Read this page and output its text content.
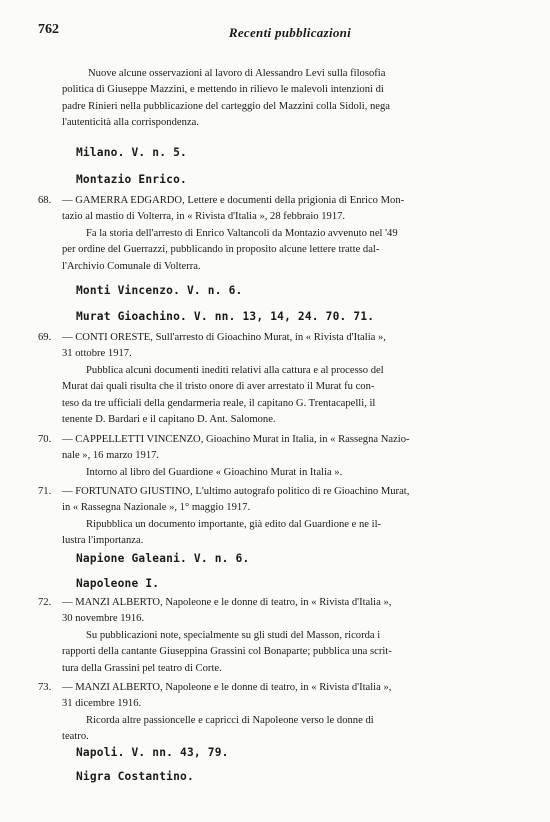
762	Recenti pubblicazioni
Nuove alcune osservazioni al lavoro di Alessandro Levi sulla filosofia
politica di Giuseppe Mazzini, e mettendo in rilievo le malevoli intenzioni di
padre Rinieri nella pubblicazione del carteggio del Mazzini colla Sidoli, nega
l'autenticità alla corrispondenza.
Milano. V. n. 5.
Montazio Enrico.
68.	— GAMERRA EDGARDO, Lettere e documenti della prigionia di Enrico Mon-
tazio al mastio di Volterra, in « Rivista d'Italia », 28 febbraio 1917.
Fa la storia dell'arresto di Enrico Valtancoli da Montazio avvenuto nel '49
per ordine del Guerrazzi, pubblicando in proposito alcune lettere tratte dal-
l'Archivio Comunale di Volterra.
Monti Vincenzo. V. n. 6.
Murat Gioachino. V. nn. 13, 14, 24. 70. 71.
69.	— CONTI ORESTE, Sull'arresto di Gioachino Murat, in « Rivista d'Italia »,
31 ottobre 1917.
Pubblica alcuni documenti inediti relativi alla cattura e al processo del
Murat dai quali risulta che il tristo onore di aver arrestato il Murat fu con-
teso da tre ufficiali della gendarmeria reale, il capitano G. Trentacapelli, il
tenente D. Bardari e il capitano D. Ant. Salomone.
70.	— CAPPELLETTI VINCENZO, Gioachino Murat in Italia, in « Rassegna Nazio-
nale », 16 marzo 1917.
Intorno al libro del Guardione « Gioachino Murat in Italia ».
71.	— FORTUNATO GIUSTINO, L'ultimo autografo politico di re Gioachino Murat,
in « Rassegna Nazionale », 1° maggio 1917.
Ripubblica un documento importante, già edito dal Guardione e ne il-
lustra l'importanza.
Napione Galeani. V. n. 6.
Napoleone I.
72.	— MANZI ALBERTO, Napoleone e le donne di teatro, in « Rivista d'Italia »,
30 novembre 1916.
Su pubblicazioni note, specialmente su gli studi del Masson, ricorda i
rapporti della cantante Giuseppina Grassini col Bonaparte; pubblica una scrit-
tura della Grassini pel teatro di Corte.
73.	— MANZI ALBERTO, Napoleone e le donne di teatro, in « Rivista d'Italia »,
31 dicembre 1916.
Ricorda altre passioncelle e capricci di Napoleone verso le donne di
teatro.
Napoli. V. nn. 43, 79.
Nigra Costantino.
